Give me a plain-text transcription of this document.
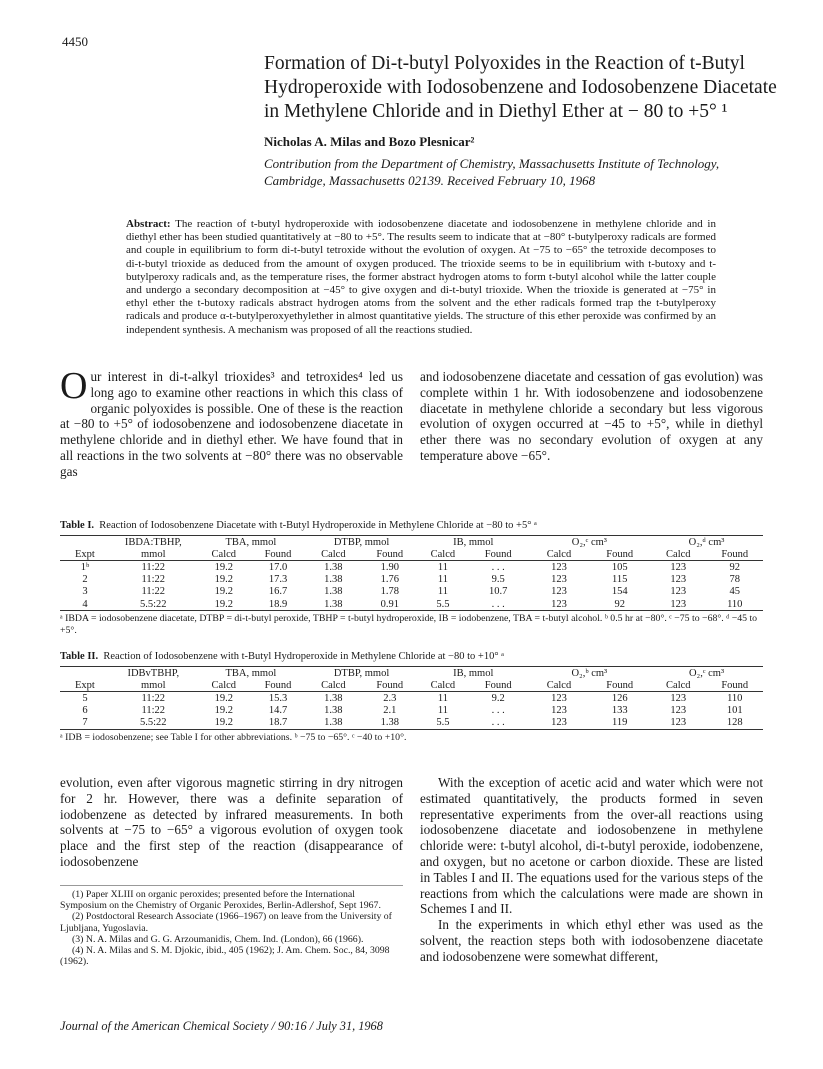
4450
Formation of Di-t-butyl Polyoxides in the Reaction of t-Butyl Hydroperoxide with Iodosobenzene and Iodosobenzene Diacetate in Methylene Chloride and in Diethyl Ether at − 80 to +5° ¹
Nicholas A. Milas and Bozo Plesnicar²
Contribution from the Department of Chemistry, Massachusetts Institute of Technology, Cambridge, Massachusetts 02139. Received February 10, 1968
Abstract: The reaction of t-butyl hydroperoxide with iodosobenzene diacetate and iodosobenzene in methylene chloride and in diethyl ether has been studied quantitatively at −80 to +5°. The results seem to indicate that at −80° t-butylperoxy radicals are formed and couple in equilibrium to form di-t-butyl tetroxide without the evolution of oxygen. At −75 to −65° the tetroxide decomposes to di-t-butyl trioxide as deduced from the amount of oxygen produced. The trioxide seems to be in equilibrium with t-butoxy and t-butylperoxy radicals and, as the temperature rises, the former abstract hydrogen atoms to form t-butyl alcohol while the latter couple and undergo a secondary decomposition at −45° to give oxygen and di-t-butyl trioxide. When the trioxide is generated at −75° in ethyl ether the t-butoxy radicals abstract hydrogen atoms from the solvent and the ether radicals formed trap the t-butylperoxy radicals and produce α-t-butylperoxyethylether in almost quantitative yields. The structure of this ether peroxide was confirmed by an independent synthesis. A mechanism was proposed of all the reactions studied.
Our interest in di-t-alkyl trioxides³ and tetroxides⁴ led us long ago to examine other reactions in which this class of organic polyoxides is possible. One of these is the reaction at −80 to +5° of iodosobenzene and iodosobenzene diacetate in methylene chloride and in diethyl ether. We have found that in all reactions in the two solvents at −80° there was no observable gas
and iodosobenzene diacetate and cessation of gas evolution) was complete within 1 hr. With iodosobenzene and iodosobenzene diacetate in methylene chloride a secondary but less vigorous evolution of oxygen occurred at −45 to +5°, while in diethyl ether there was no secondary evolution of oxygen at any temperature above −65°.
Table I. Reaction of Iodosobenzene Diacetate with t-Butyl Hydroperoxide in Methylene Chloride at −80 to +5° ᵃ
	IBDA:TBHP,	TBA, mmol		DTBP, mmol		IB, mmol		O₂,ᶜ cm³		O₂,ᵈ cm³	
Expt	mmol	Calcd	Found	Calcd	Found	Calcd	Found	Calcd	Found	Calcd	Found
1ᵇ	11:22	19.2	17.0	1.38	1.90	11	. . .	123	105	123	92
2	11:22	19.2	17.3	1.38	1.76	11	9.5	123	115	123	78
3	11:22	19.2	16.7	1.38	1.78	11	10.7	123	154	123	45
4	5.5:22	19.2	18.9	1.38	0.91	5.5	. . .	123	92	123	110
ᵃ IBDA = iodosobenzene diacetate, DTBP = di-t-butyl peroxide, TBHP = t-butyl hydroperoxide, IB = iodobenzene, TBA = t-butyl alcohol. ᵇ 0.5 hr at −80°. ᶜ −75 to −68°. ᵈ −45 to +5°.
Table II. Reaction of Iodosobenzene with t-Butyl Hydroperoxide in Methylene Chloride at −80 to +10° ᵃ
	IDBvTBHP,	TBA, mmol		DTBP, mmol		IB, mmol		O₂,ᵇ cm³		O₂,ᶜ cm³	
Expt	mmol	Calcd	Found	Calcd	Found	Calcd	Found	Calcd	Found	Calcd	Found
5	11:22	19.2	15.3	1.38	2.3	11	9.2	123	126	123	110
6	11:22	19.2	14.7	1.38	2.1	11	. . .	123	133	123	101
7	5.5:22	19.2	18.7	1.38	1.38	5.5	. . .	123	119	123	128
ᵃ IDB = iodosobenzene; see Table I for other abbreviations. ᵇ −75 to −65°. ᶜ −40 to +10°.
evolution, even after vigorous magnetic stirring in dry nitrogen for 2 hr. However, there was a definite separation of iodobenzene as detected by infrared measurements. In both solvents at −75 to −65° a vigorous evolution of oxygen took place and the first step of the reaction (disappearance of iodosobenzene

With the exception of acetic acid and water which were not estimated quantitatively, the products formed in seven representative experiments from the over-all reactions using iodosobenzene diacetate and iodosobenzene in methylene chloride were: t-butyl alcohol, di-t-butyl peroxide, iodobenzene, and oxygen, but no acetone or carbon dioxide. These are listed in Tables I and II. The equations used for the various steps of the reactions from which the calculations were made are shown in Schemes I and II.

In the experiments in which ethyl ether was used as the solvent, the reaction steps both with iodosobenzene diacetate and iodosobenzene were somewhat different,

(1) Paper XLIII on organic peroxides; presented before the International Symposium on the Chemistry of Organic Peroxides, Berlin-Adlershof, Sept 1967.

(2) Postdoctoral Research Associate (1966–1967) on leave from the University of Ljubljana, Yugoslavia.

(3) N. A. Milas and G. G. Arzoumanidis, Chem. Ind. (London), 66 (1966).

(4) N. A. Milas and S. M. Djokic, ibid., 405 (1962); J. Am. Chem. Soc., 84, 3098 (1962).

Journal of the American Chemical Society / 90:16 / July 31, 1968
